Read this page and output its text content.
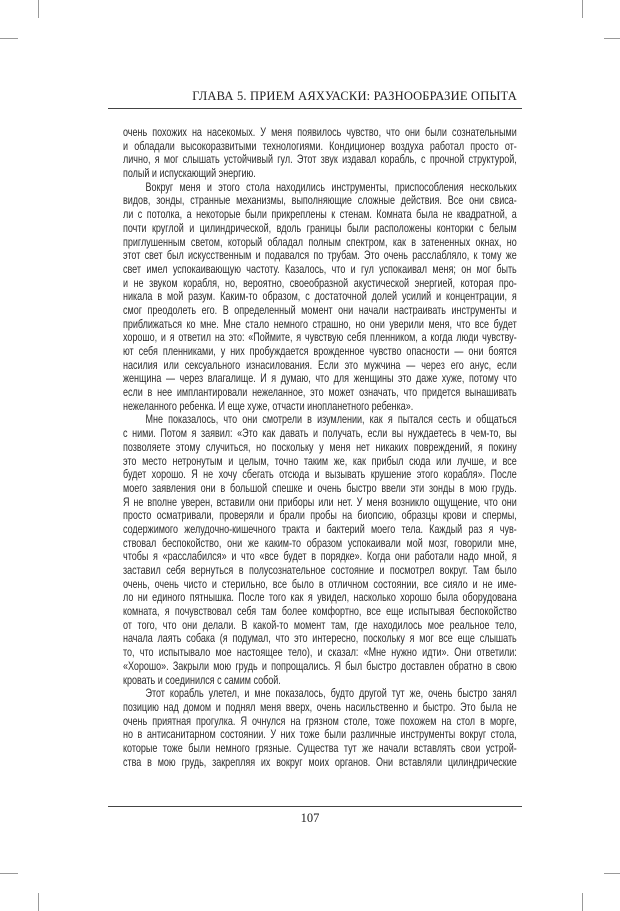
ГЛАВА 5. ПРИЕМ АЯХУАСКИ: РАЗНООБРАЗИЕ ОПЫТА
очень похожих на насекомых. У меня появилось чувство, что они были сознательными
и обладали высокоразвитыми технологиями. Кондиционер воздуха работал просто от-
лично, я мог слышать устойчивый гул. Этот звук издавал корабль, с прочной структурой,
полый и испускающий энергию.
Вокруг меня и этого стола находились инструменты, приспособления нескольких
видов, зонды, странные механизмы, выполняющие сложные действия. Все они свиса-
ли с потолка, а некоторые были прикреплены к стенам. Комната была не квадратной, а
почти круглой и цилиндрической, вдоль границы были расположены конторки с белым
приглушенным светом, который обладал полным спектром, как в затененных окнах, но
этот свет был искусственным и подавался по трубам. Это очень расслабляло, к тому же
свет имел успокаивающую частоту. Казалось, что и гул успокаивал меня; он мог быть
и не звуком корабля, но, вероятно, своеобразной акустической энергией, которая про-
никала в мой разум. Каким-то образом, с достаточной долей усилий и концентрации, я
смог преодолеть его. В определенный момент они начали настраивать инструменты и
приближаться ко мне. Мне стало немного страшно, но они уверили меня, что все будет
хорошо, и я ответил на это: «Поймите, я чувствую себя пленником, а когда люди чувству-
ют себя пленниками, у них пробуждается врожденное чувство опасности — они боятся
насилия или сексуального изнасилования. Если это мужчина — через его анус, если
женщина — через влагалище. И я думаю, что для женщины это даже хуже, потому что
если в нее имплантировали нежеланное, это может означать, что придется вынашивать
нежеланного ребенка. И еще хуже, отчасти инопланетного ребенка».
Мне показалось, что они смотрели в изумлении, как я пытался сесть и общаться
с ними. Потом я заявил: «Это как давать и получать, если вы нуждаетесь в чем-то, вы
позволяете этому случиться, но поскольку у меня нет никаких повреждений, я покину
это место нетронутым и целым, точно таким же, как прибыл сюда или лучше, и все
будет хорошо. Я не хочу сбегать отсюда и вызывать крушение этого корабля». После
моего заявления они в большой спешке и очень быстро ввели эти зонды в мою грудь.
Я не вполне уверен, вставили они приборы или нет. У меня возникло ощущение, что они
просто осматривали, проверяли и брали пробы на биопсию, образцы крови и спермы,
содержимого желудочно-кишечного тракта и бактерий моего тела. Каждый раз я чув-
ствовал беспокойство, они же каким-то образом успокаивали мой мозг, говорили мне,
чтобы я «расслабился» и что «все будет в порядке». Когда они работали надо мной, я
заставил себя вернуться в полусознательное состояние и посмотрел вокруг. Там было
очень, очень чисто и стерильно, все было в отличном состоянии, все сияло и не име-
ло ни единого пятнышка. После того как я увидел, насколько хорошо была оборудована
комната, я почувствовал себя там более комфортно, все еще испытывая беспокойство
от того, что они делали. В какой-то момент там, где находилось мое реальное тело,
начала лаять собака (я подумал, что это интересно, поскольку я мог все еще слышать
то, что испытывало мое настоящее тело), и сказал: «Мне нужно идти». Они ответили:
«Хорошо». Закрыли мою грудь и попрощались. Я был быстро доставлен обратно в свою
кровать и соединился с самим собой.
Этот корабль улетел, и мне показалось, будто другой тут же, очень быстро занял
позицию над домом и поднял меня вверх, очень насильственно и быстро. Это была не
очень приятная прогулка. Я очнулся на грязном столе, тоже похожем на стол в морге,
но в антисанитарном состоянии. У них тоже были различные инструменты вокруг стола,
которые тоже были немного грязные. Существа тут же начали вставлять свои устрой-
ства в мою грудь, закрепляя их вокруг моих органов. Они вставляли цилиндрические
107
